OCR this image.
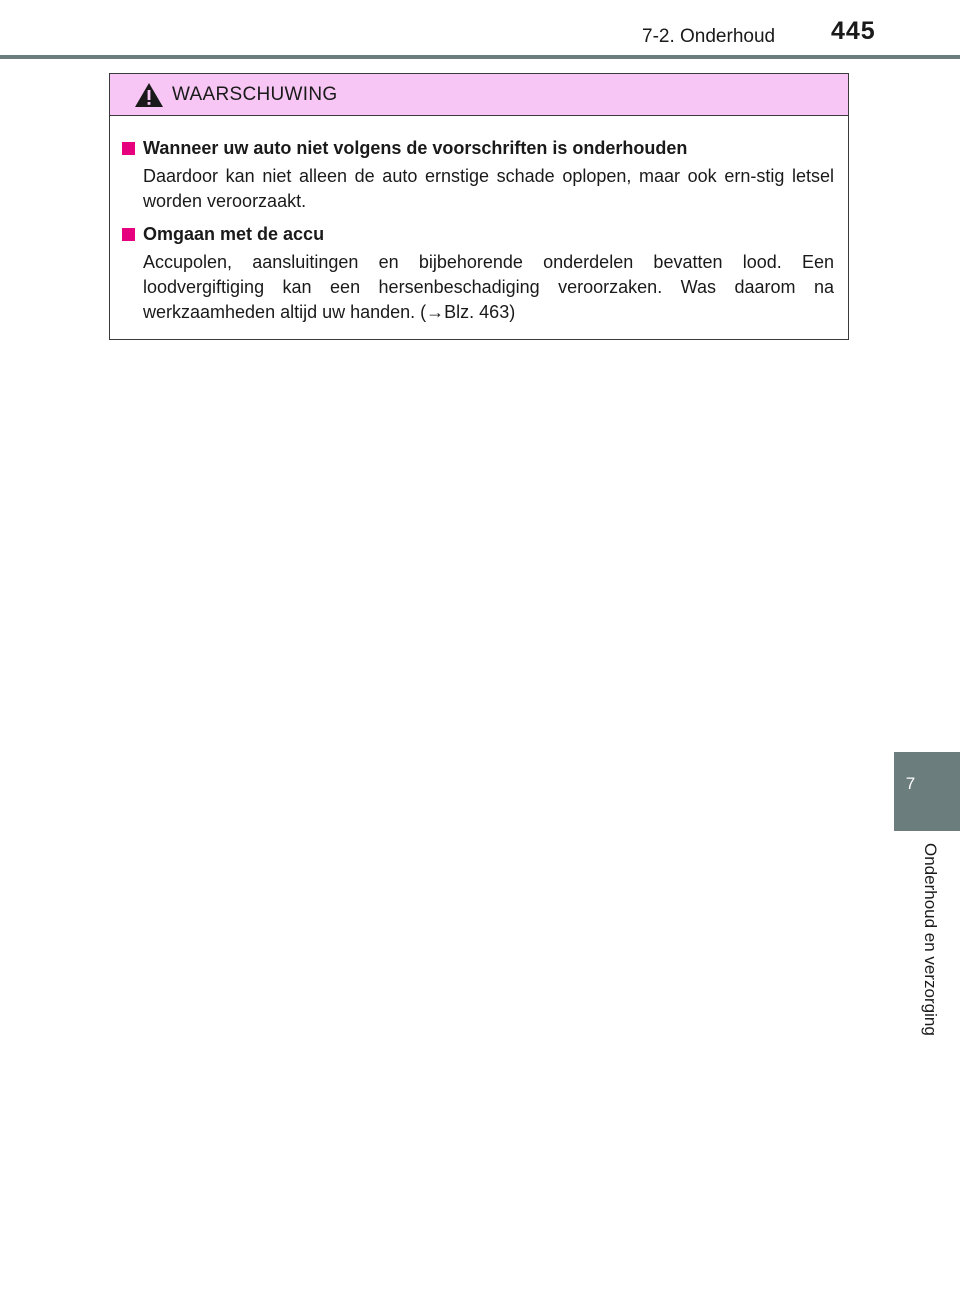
7-2. Onderhoud 445
WAARSCHUWING
Wanneer uw auto niet volgens de voorschriften is onderhouden
Daardoor kan niet alleen de auto ernstige schade oplopen, maar ook ern-stig letsel worden veroorzaakt.
Omgaan met de accu
Accupolen, aansluitingen en bijbehorende onderdelen bevatten lood. Een loodvergiftiging kan een hersenbeschadiging veroorzaken. Was daarom na werkzaamheden altijd uw handen. (→Blz. 463)
7
Onderhoud en verzorging
